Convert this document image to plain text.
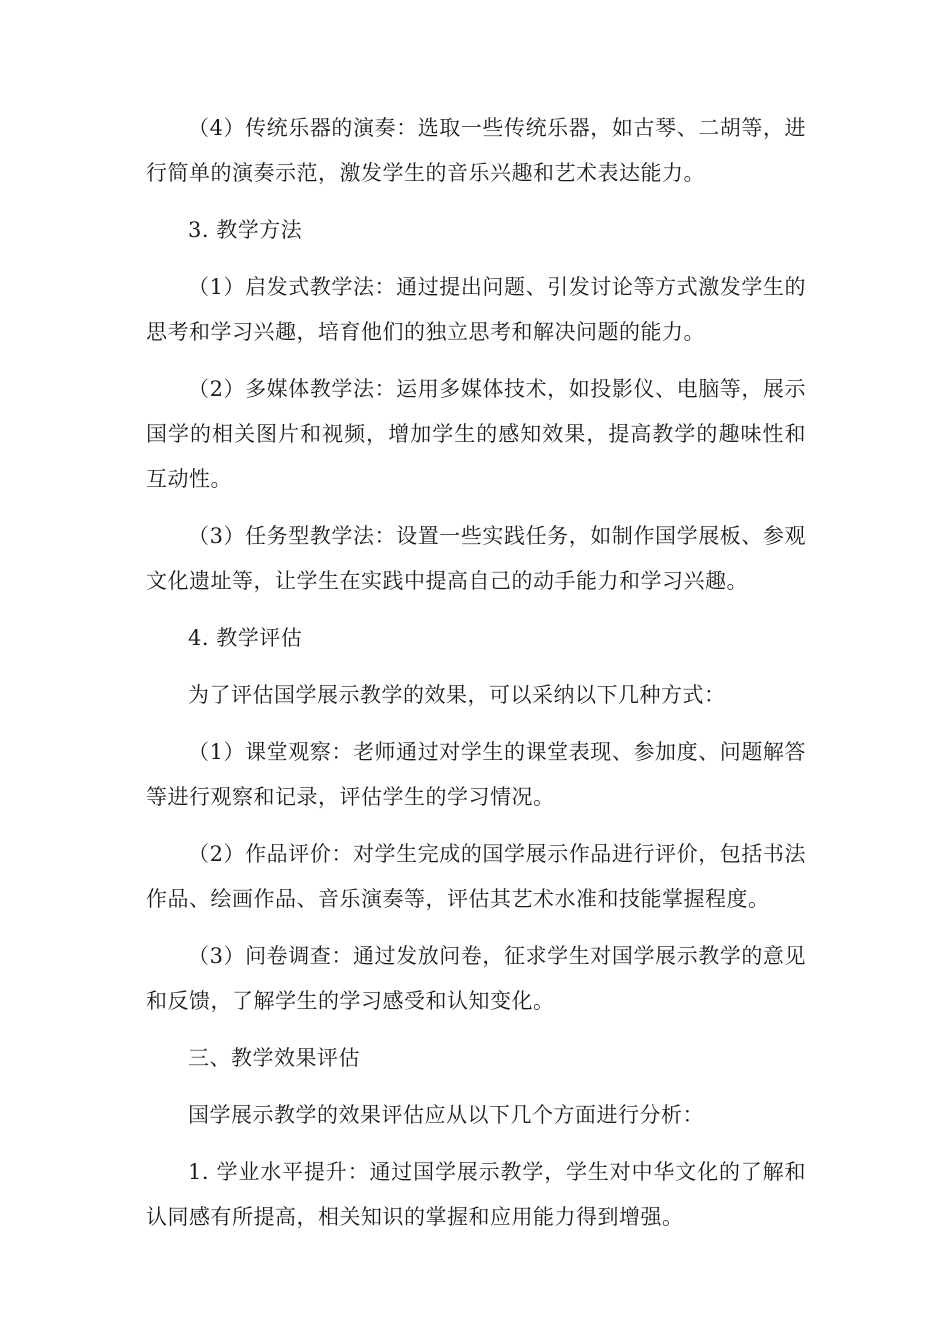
（4）传统乐器的演奏：选取一些传统乐器，如古琴、二胡等，进行简单的演奏示范，激发学生的音乐兴趣和艺术表达能力。

3. 教学方法

（1）启发式教学法：通过提出问题、引发讨论等方式激发学生的思考和学习兴趣，培育他们的独立思考和解决问题的能力。

（2）多媒体教学法：运用多媒体技术，如投影仪、电脑等，展示国学的相关图片和视频，增加学生的感知效果，提高教学的趣味性和互动性。

（3）任务型教学法：设置一些实践任务，如制作国学展板、参观文化遗址等，让学生在实践中提高自己的动手能力和学习兴趣。

4. 教学评估

为了评估国学展示教学的效果，可以采纳以下几种方式：

（1）课堂观察：老师通过对学生的课堂表现、参加度、问题解答等进行观察和记录，评估学生的学习情况。

（2）作品评价：对学生完成的国学展示作品进行评价，包括书法作品、绘画作品、音乐演奏等，评估其艺术水准和技能掌握程度。

（3）问卷调查：通过发放问卷，征求学生对国学展示教学的意见和反馈，了解学生的学习感受和认知变化。

三、教学效果评估

国学展示教学的效果评估应从以下几个方面进行分析：

1. 学业水平提升：通过国学展示教学，学生对中华文化的了解和认同感有所提高，相关知识的掌握和应用能力得到增强。
